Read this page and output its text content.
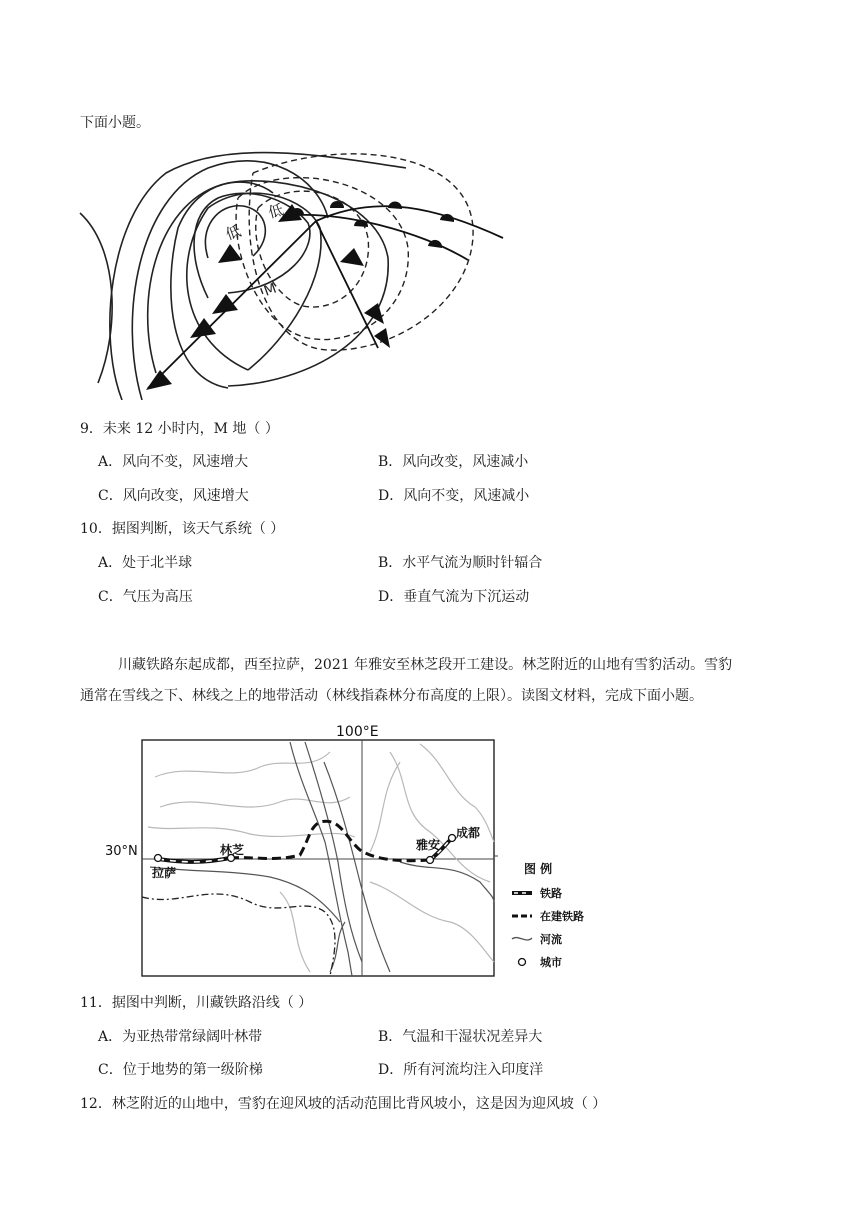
下面小题。
低
低
M
9．未来 12 小时内，M 地（ ）
A．风向不变，风速增大	B．风向改变，风速减小
C．风向改变，风速增大	D．风向不变，风速减小
10．据图判断，该天气系统（ ）
A．处于北半球	B．水平气流为顺时针辐合
C．气压为高压	D．垂直气流为下沉运动
川藏铁路东起成都，西至拉萨，2021 年雅安至林芝段开工建设。林芝附近的山地有雪豹活动。雪豹
通常在雪线之下、林线之上的地带活动（林线指森林分布高度的上限）。读图文材料，完成下面小题。
100°E
30°N
拉萨
林芝	雅安
成都
图 例
铁路
在建铁路
河流
城市
11．据图中判断，川藏铁路沿线（ ）
A．为亚热带常绿阔叶林带	B．气温和干湿状况差异大
C．位于地势的第一级阶梯	D．所有河流均注入印度洋
12．林芝附近的山地中，雪豹在迎风坡的活动范围比背风坡小，这是因为迎风坡（ ）
